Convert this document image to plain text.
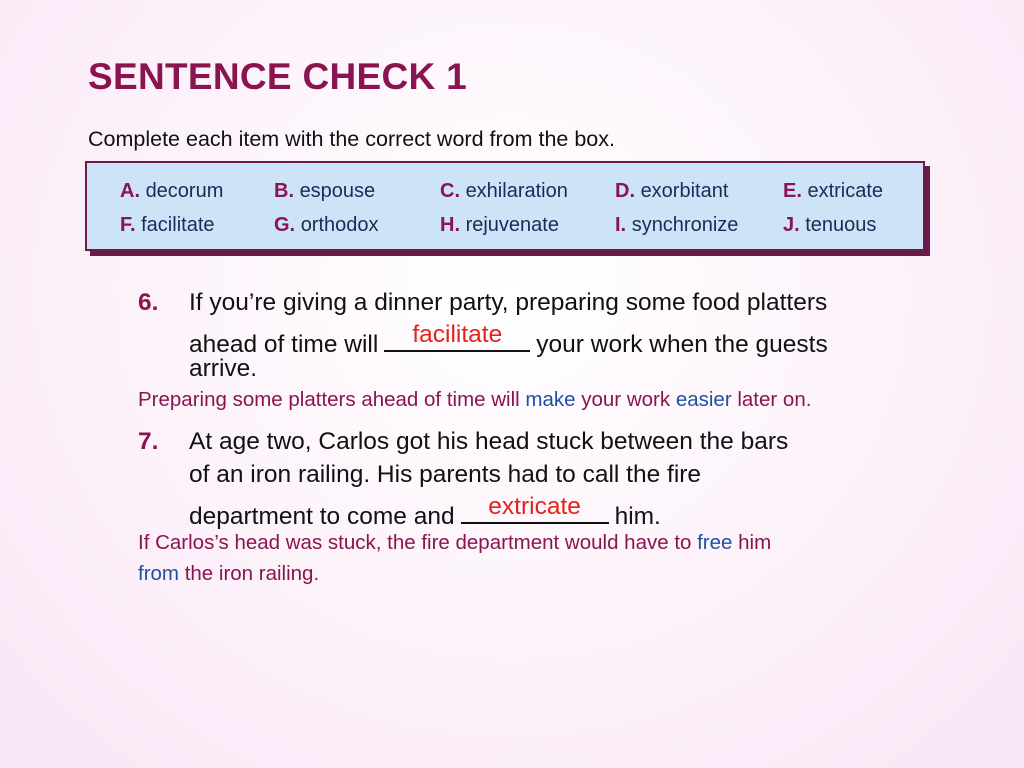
SENTENCE CHECK 1
Complete each item with the correct word from the box.
A. decorum	B. espouse	C. exhilaration D. exorbitant	E. extricate
F. facilitate	G. orthodox	H. rejuvenate	I. synchronize J. tenuous
6. If you’re giving a dinner party, preparing some food platters
ahead of time will	facilitate	your work when the guests
arrive.
Preparing some platters ahead of time will make your work easier later on.
7. At age two, Carlos got his head stuck between the bars
of an iron railing. His parents had to call the fire
department to come and	extricate	him.
If Carlos’s head was stuck, the fire department would have to free him
from the iron railing.
